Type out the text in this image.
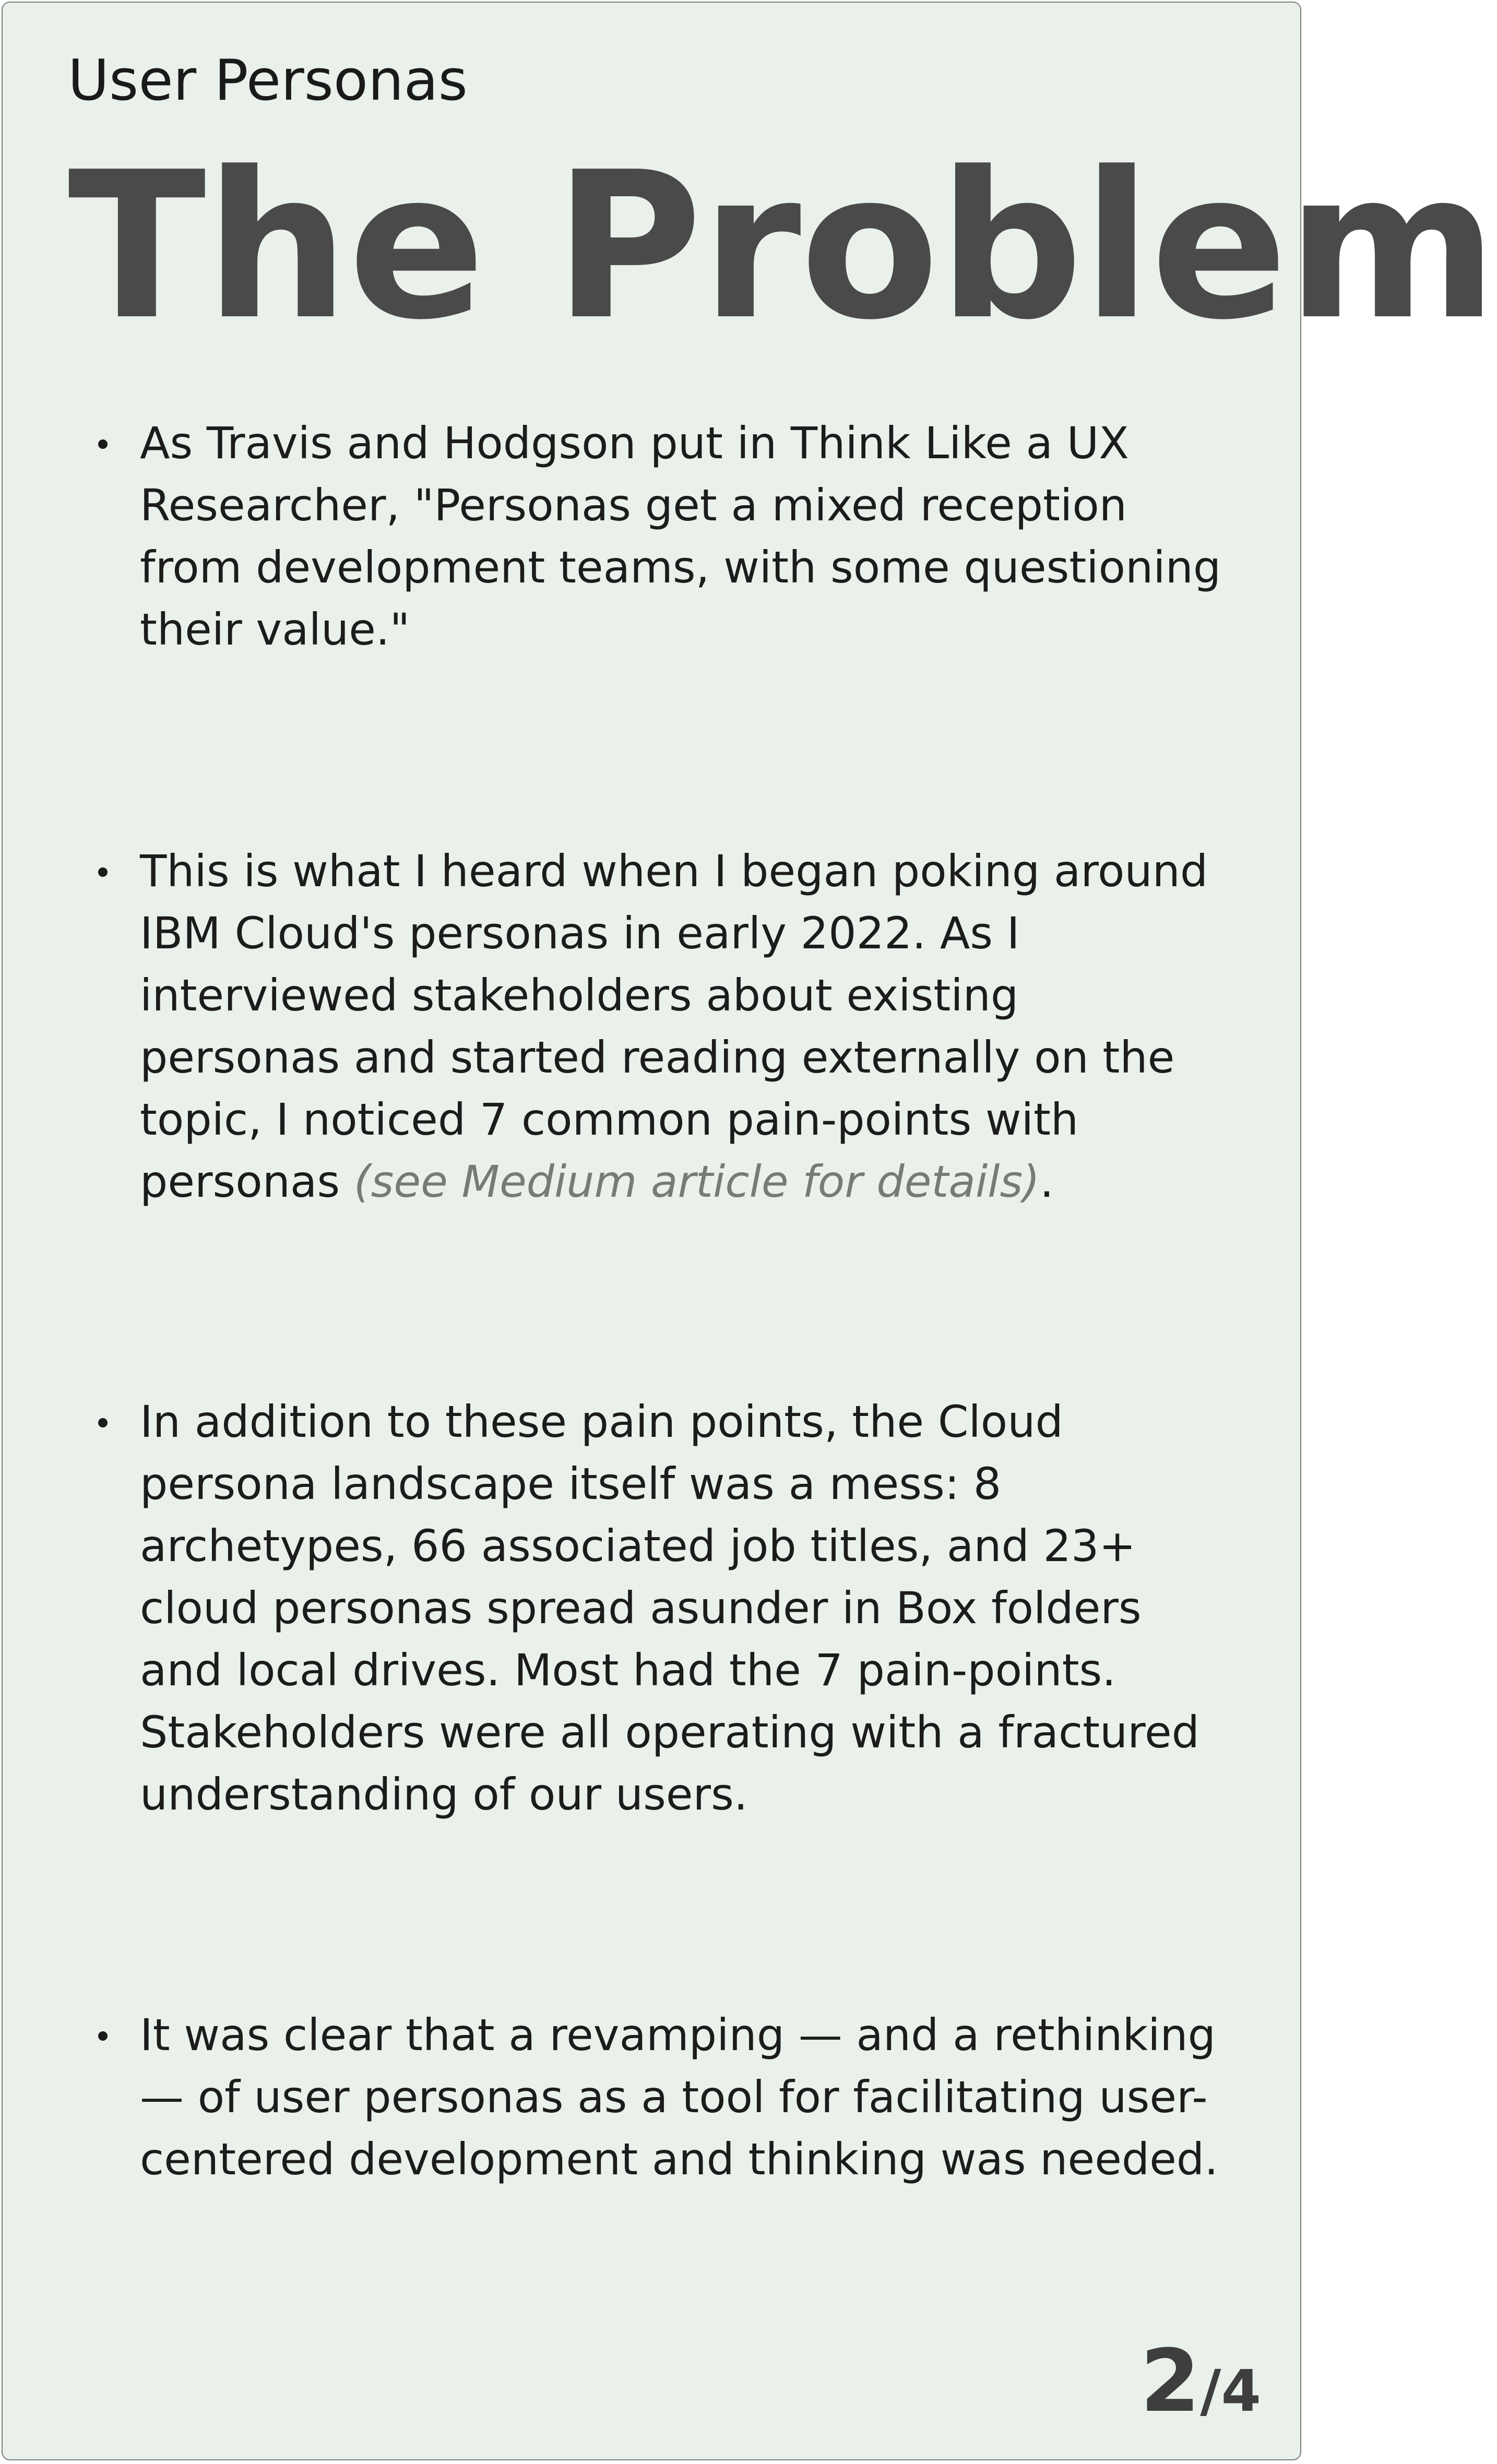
User Personas
The Problem

As Travis and Hodgson put in Think Like a UX Researcher, "Personas get a mixed reception from development teams, with some questioning their value."

This is what I heard when I began poking around IBM Cloud's personas in early 2022. As I interviewed stakeholders about existing personas and started reading externally on the topic, I noticed 7 common pain-points with personas (see Medium article for details).

In addition to these pain points, the Cloud persona landscape itself was a mess: 8 archetypes, 66 associated job titles, and 23+ cloud personas spread asunder in Box folders and local drives. Most had the 7 pain-points. Stakeholders were all operating with a fractured understanding of our users.

It was clear that a revamping — and a rethinking — of user personas as a tool for facilitating user-centered development and thinking was needed.

2/4
